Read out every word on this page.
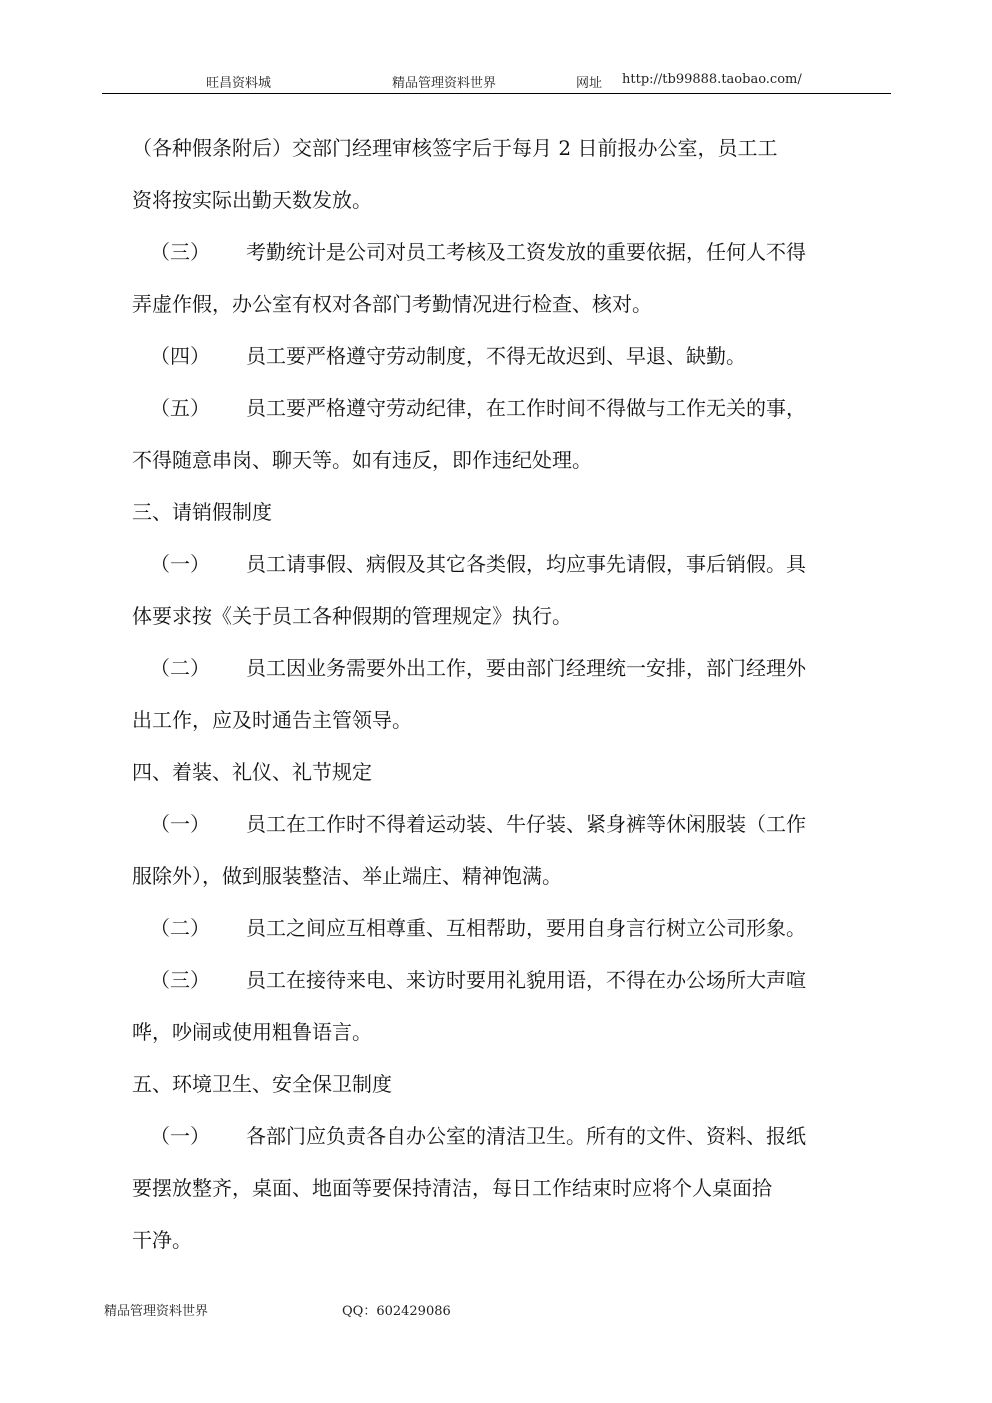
旺昌资料城	精品管理资料世界	网址 http://tb99888.taobao.com/
（各种假条附后）交部门经理审核签字后于每月 2 日前报办公室，员工工
资将按实际出勤天数发放。
（三） 考勤统计是公司对员工考核及工资发放的重要依据，任何人不得
弄虚作假，办公室有权对各部门考勤情况进行检查、核对。
（四） 员工要严格遵守劳动制度，不得无故迟到、早退、缺勤。
（五） 员工要严格遵守劳动纪律，在工作时间不得做与工作无关的事，
不得随意串岗、聊天等。如有违反，即作违纪处理。
三、请销假制度
（一） 员工请事假、病假及其它各类假，均应事先请假，事后销假。具
体要求按《关于员工各种假期的管理规定》执行。
（二） 员工因业务需要外出工作，要由部门经理统一安排，部门经理外
出工作，应及时通告主管领导。
四、着装、礼仪、礼节规定
（一） 员工在工作时不得着运动装、牛仔装、紧身裤等休闲服装（工作
服除外），做到服装整洁、举止端庄、精神饱满。
（二） 员工之间应互相尊重、互相帮助，要用自身言行树立公司形象。
（三） 员工在接待来电、来访时要用礼貌用语，不得在办公场所大声喧
哗，吵闹或使用粗鲁语言。
五、环境卫生、安全保卫制度
（一） 各部门应负责各自办公室的清洁卫生。所有的文件、资料、报纸
要摆放整齐，桌面、地面等要保持清洁，每日工作结束时应将个人桌面拾
干净。
精品管理资料世界	QQ：602429086
